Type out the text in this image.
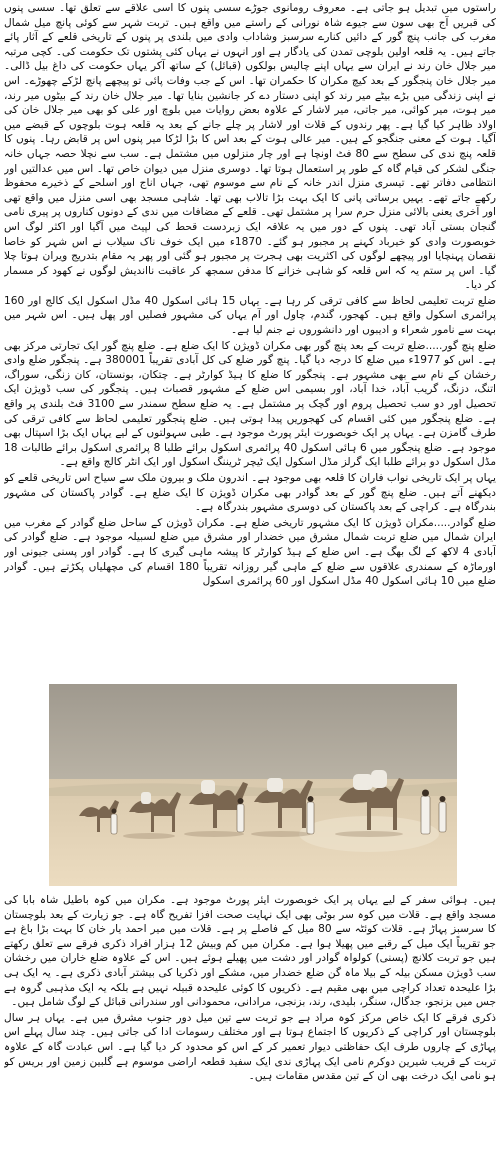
راستوں میں تبدیل ہو جاتی ہے۔ معروف رومانوی جوڑے سسی پنوں کا اسی علاقے سے تعلق تھا۔ سسی پنوں کی قبریں آج بھی سون سے جیوے شاہ نورانی کے راستے میں واقع ہیں۔ تربت شہر سے کوئی پانچ میل شمال مغرب کی جانب پنچ گور کے دائیں کنارے سرسبز وشاداب وادی میں بلندی پر پنوں کے تاریخی قلعے کے آثار پائے جاتے ہیں۔ یہ قلعہ اولین بلوچی تمدن کی یادگار ہے اور انہوں نے یہاں کئی پشتوں تک حکومت کی۔ کچی مرتبہ میر جلال خان رند نے ایران سے یہاں اپنے چالیس بولکوں (قبائل) کے ساتھ آکر یہاں حکومت کی داغ بیل ڈالی۔ میر جلال خان پنجگور کے بعد کیچ مکران کا حکمران تھا۔ اس کے جب وفات پائی تو پیچھے پانچ لڑکے چھوڑے۔ اس نے اپنی زندگی میں بڑے بیٹے میر رند کو اپنی دستار دے کر جانشین بنایا تھا۔ میر جلال خان رند کے بیٹوں میر رند، میر ہوت، میر کوائی، میر جاتی، میر لاشار کے علاوہ بعض روایات میں بلوچ اور علی کو بھی میر جلال خان کی اولاد ظاہر کیا گیا ہے۔ پھر رندوں کے قلات اور لاشار پر چلے جانے کے بعد یہ قلعہ ہوت بلوچوں کے قبضے میں آگیا۔ ہوت کے معنی جنگجو کے ہیں۔ میر عالی ہوت کے بعد اس کا بڑا لڑکا میر پنوں اس پر قابض رہا۔ پنوں کا قلعہ پنچ ندی کی سطح سے 80 فٹ اونچا ہے اور چار منزلوں میں مشتمل ہے۔ سب سے نچلا حصہ جہاں خانہ جنگی لشکر کی قیام گاہ کے طور پر استعمال ہوتا تھا۔ دوسری منزل میں دیوان خاص تھا۔ اس میں عدالتیں اور انتظامی دفاتر تھے۔ تیسری منزل اندر خانہ کے نام سے موسوم تھی، جہاں اناج اور اسلحے کے ذخیرے محفوظ رکھے جاتے تھے۔ یہیں برساتی پانی کا ایک بہت بڑا تالاب بھی تھا۔ شاہی مسجد بھی اسی منزل میں واقع تھی اور آخری یعنی بالائی منزل حرم سرا پر مشتمل تھی۔ قلعے کے مضافات میں ندی کے دونوں کناروں پر پیری نامی گنجان بستی آباد تھی۔ پنوں کے دور میں یہ علاقہ ایک زبردست قحط کی لپیٹ میں آگیا اور اکثر لوگ اس خوبصورت وادی کو خیرباد کہنے پر مجبور ہو گئے۔ 1870ء میں ایک خوف ناک سیلاب نے اس شہر کو خاصا نقصان پہنچایا اور پیچھے لوگوں کی اکثریت بھی ہجرت پر مجبور ہو گئی اور پھر یہ مقام بتدریج ویران ہوتا چلا گیا۔ اس پر ستم یہ کہ اس قلعہ کو شاہی خزانے کا مدفن سمجھ کر عاقبت نااندیش لوگوں نے کھود کر مسمار کر دیا۔

ضلع تربت تعلیمی لحاظ سے کافی ترقی کر رہا ہے۔ یہاں 15 ہائی اسکول 40 مڈل اسکول ایک کالج اور 160 پرائمری اسکول واقع ہیں۔ کھجور، گندم، چاول اور آم یہاں کی مشہور فصلیں اور پھل ہیں۔ اس شہر میں بہت سے نامور شعراء و ادیبوں اور دانشوروں نے جنم لیا ہے۔

ضلع پنچ گور.....ضلع تربت کے بعد پنچ گور بھی مکران ڈویژن کا ایک ضلع ہے۔ ضلع پنچ گور ایک تجارتی مرکز بھی ہے۔ اس کو 1977ء میں ضلع کا درجہ دیا گیا۔ پنچ گور ضلع کی کل آبادی تقریباً 380001 ہے۔ پنجگور ضلع وادی رخشان کے نام سے بھی مشہور ہے۔ پنجگور کا ضلع کا ہیڈ کوارٹر ہے۔ چتکان، بونستان، کان زنگی، سوراگ، اتنگ، دزنگ، گریب آباد، خدا آباد، اور بسیمی اس ضلع کے مشہور قصبات ہیں۔ پنجگور کی سب ڈویژن ایک تحصیل اور دو سب تحصیل پروم اور گچک پر مشتمل ہے۔ یہ ضلع سطح سمندر سے 3100 فٹ بلندی پر واقع ہے۔ ضلع پنجگور میں کئی اقسام کی کھجوریں پیدا ہوتی ہیں۔ ضلع پنجگور تعلیمی لحاظ سے کافی ترقی کی طرف گامزن ہے۔ یہاں پر ایک خوبصورت ایئر پورٹ موجود ہے۔ طبی سہولتوں کے لیے یہاں ایک بڑا اسپتال بھی موجود ہے۔ ضلع پنجگور میں 6 ہائی اسکول 40 پرائمری اسکول برائے طلبا 8 پرائمری اسکول برائے طالبات 18 مڈل اسکول دو برائے طلبا ایک گرلز مڈل اسکول ایک ٹیچر ٹریننگ اسکول اور ایک انٹر کالج واقع ہے۔

یہاں پر ایک تاریخی نواب فاران کا قلعہ بھی موجود ہے۔ اندرون ملک و بیرون ملک سے سیاح اس تاریخی قلعے کو دیکھنے آتے ہیں۔ ضلع پنچ گور کے بعد گوادر بھی مکران ڈویژن کا ایک ضلع ہے۔ گوادر پاکستان کی مشہور بندرگاہ ہے۔ کراچی کے بعد پاکستان کی دوسری مشہور بندرگاہ ہے۔

ضلع گوادر.....مکران ڈویژن کا ایک مشہور تاریخی ضلع ہے۔ مکران ڈویژن کے ساحل ضلع گوادر کے مغرب میں ایران شمال میں ضلع تربت شمال مشرق میں خضدار اور مشرق میں ضلع لسبیلہ موجود ہے۔ ضلع گوادر کی آبادی 4 لاکھ کے لگ بھگ ہے۔ اس ضلع کے ہیڈ کوارٹر کا پیشہ ماہی گیری کا ہے۔ گوادر اور پسنی جیونی اور اورماڑہ کے سمندری علاقوں سے ضلع کے ماہی گیر روزانہ تقریباً 180 اقسام کی مچھلیاں پکڑتے ہیں۔ گوادر ضلع میں 10 ہائی اسکول 40 مڈل اسکول اور 60 پرائمری اسکول

ہیں۔ ہوائی سفر کے لیے یہاں پر ایک خوبصورت ایئر پورٹ موجود ہے۔ مکران میں کوہ باطیل شاہ بابا کی مسجد واقع ہے۔ قلات میں کوہ سر بوٹی بھی ایک نہایت صحت افزا تفریح گاہ ہے۔ جو زیارت کے بعد بلوچستان کا سرسبز پہاڑ ہے۔ قلات کوئٹہ سے 80 میل کے فاصلے پر ہے۔ قلات میں میر احمد یار خان کا بہت بڑا باغ ہے جو تقریباً ایک میل کے رقبے میں پھیلا ہوا ہے۔ مکران میں کم وبیش 12 ہزار افراد ذکری فرقے سے تعلق رکھتے ہیں جو تربت کلانچ (پسنی) کولواہ گوادر اور دشت میں پھیلے ہوئے ہیں۔ اس کے علاوہ ضلع خاران میں رخشان سب ڈویژن مسکن بیلہ کے بیلا ماہ گن ضلع خضدار میں، مشکے اور ذکریا کی بیشتر آبادی ذکری ہے۔ یہ ایک ہی بڑا علیحدہ تعداد کراچی میں بھی مقیم ہے۔ ذکریوں کا کوئی علیحدہ قبیلہ نہیں ہے بلکہ یہ ایک مذہبی گروہ ہے جس میں بزنجو، جدگال، سنگر، بلیدی، رند، بزنجی، مرادانی، محمودانی اور سندرانی قبائل کے لوگ شامل ہیں۔

ذکری فرقے کا ایک خاص مرکز کوہ مراد ہے جو تربت سے تین میل دور جنوب مشرق میں ہے۔ یہاں ہر سال بلوچستان اور کراچی کے ذکریوں کا اجتماع ہوتا ہے اور مختلف رسومات ادا کی جاتی ہیں۔ چند سال پہلے اس پہاڑی کے چاروں طرف ایک حفاظتی دیوار تعمیر کر کے اس کو محدود کر دیا گیا ہے۔ اس عبادت گاہ کے علاوہ تربت کے قریب شیرین دوکرم نامی ایک پہاڑی ندی ایک سفید قطعہ اراضی موسوم ہے گلبین زمین اور بریس کو ہو نامی ایک درخت بھی ان کے تین مقدس مقامات ہیں۔
